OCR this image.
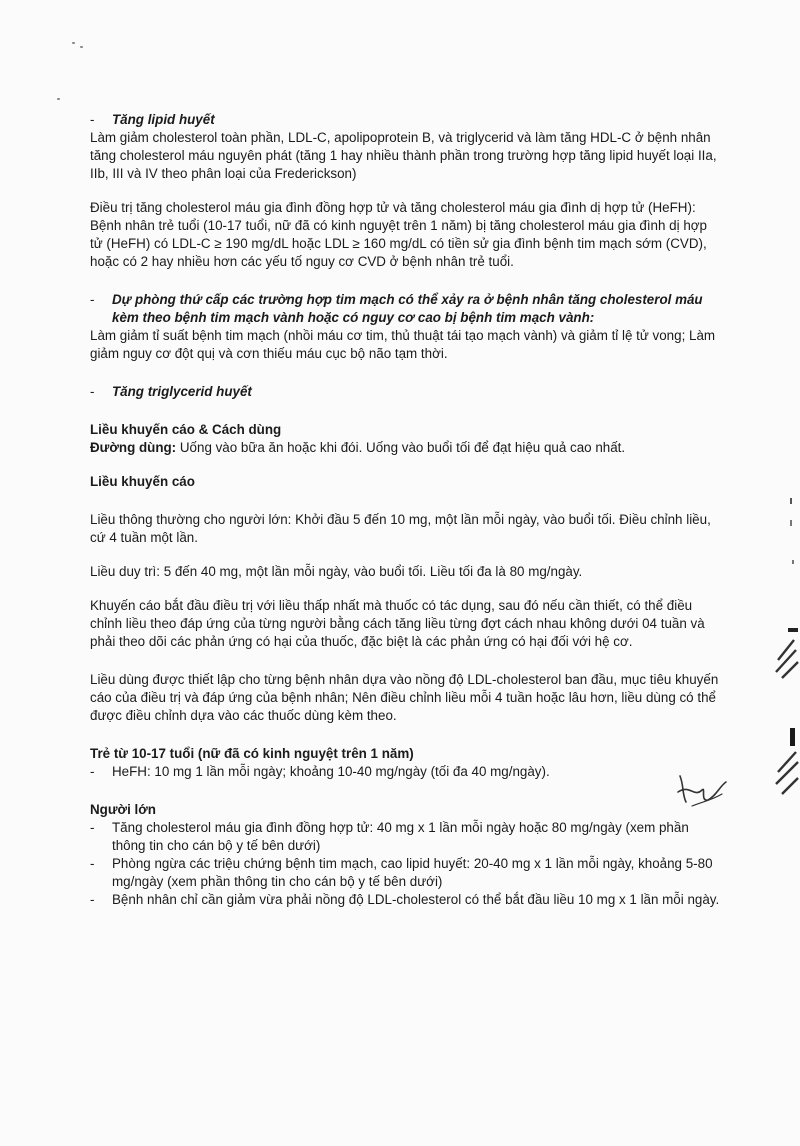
- Tăng lipid huyết

Làm giảm cholesterol toàn phần, LDL-C, apolipoprotein B, và triglycerid và làm tăng HDL-C ở bệnh nhân tăng cholesterol máu nguyên phát (tăng 1 hay nhiều thành phần trong trường hợp tăng lipid huyết loại IIa, IIb, III và IV theo phân loại của Frederickson)

Điều trị tăng cholesterol máu gia đình đồng hợp tử và tăng cholesterol máu gia đình dị hợp tử (HeFH): Bệnh nhân trẻ tuổi (10-17 tuổi, nữ đã có kinh nguyệt trên 1 năm) bị tăng cholesterol máu gia đình dị hợp tử (HeFH) có LDL-C ≥ 190 mg/dL hoặc LDL ≥ 160 mg/dL có tiền sử gia đình bệnh tim mạch sớm (CVD), hoặc có 2 hay nhiều hơn các yếu tố nguy cơ CVD ở bệnh nhân trẻ tuổi.

- Dự phòng thứ cấp các trường hợp tim mạch có thể xảy ra ở bệnh nhân tăng cholesterol máu kèm theo bệnh tim mạch vành hoặc có nguy cơ cao bị bệnh tim mạch vành:

Làm giảm tỉ suất bệnh tim mạch (nhồi máu cơ tim, thủ thuật tái tạo mạch vành) và giảm tỉ lệ tử vong; Làm giảm nguy cơ đột quị và cơn thiếu máu cục bộ não tạm thời.

- Tăng triglycerid huyết

Liều khuyến cáo & Cách dùng

Đường dùng: Uống vào bữa ăn hoặc khi đói. Uống vào buổi tối để đạt hiệu quả cao nhất.

Liều khuyến cáo

Liều thông thường cho người lớn: Khởi đầu 5 đến 10 mg, một lần mỗi ngày, vào buổi tối. Điều chỉnh liều, cứ 4 tuần một lần.

Liều duy trì: 5 đến 40 mg, một lần mỗi ngày, vào buổi tối. Liều tối đa là 80 mg/ngày.

Khuyến cáo bắt đầu điều trị với liều thấp nhất mà thuốc có tác dụng, sau đó nếu cần thiết, có thể điều chỉnh liều theo đáp ứng của từng người bằng cách tăng liều từng đợt cách nhau không dưới 04 tuần và phải theo dõi các phản ứng có hại của thuốc, đặc biệt là các phản ứng có hại đối với hệ cơ.

Liều dùng được thiết lập cho từng bệnh nhân dựa vào nồng độ LDL-cholesterol ban đầu, mục tiêu khuyến cáo của điều trị và đáp ứng của bệnh nhân; Nên điều chỉnh liều mỗi 4 tuần hoặc lâu hơn, liều dùng có thể được điều chỉnh dựa vào các thuốc dùng kèm theo.

Trẻ từ 10-17 tuổi (nữ đã có kinh nguyệt trên 1 năm)

- HeFH: 10 mg 1 lần mỗi ngày; khoảng 10-40 mg/ngày (tối đa 40 mg/ngày).

Người lớn

- Tăng cholesterol máu gia đình đồng hợp tử: 40 mg x 1 lần mỗi ngày hoặc 80 mg/ngày (xem phần thông tin cho cán bộ y tế bên dưới)
- Phòng ngừa các triệu chứng bệnh tim mạch, cao lipid huyết: 20-40 mg x 1 lần mỗi ngày, khoảng 5-80 mg/ngày (xem phần thông tin cho cán bộ y tế bên dưới)
- Bệnh nhân chỉ cần giảm vừa phải nồng độ LDL-cholesterol có thể bắt đầu liều 10 mg x 1 lần mỗi ngày.
